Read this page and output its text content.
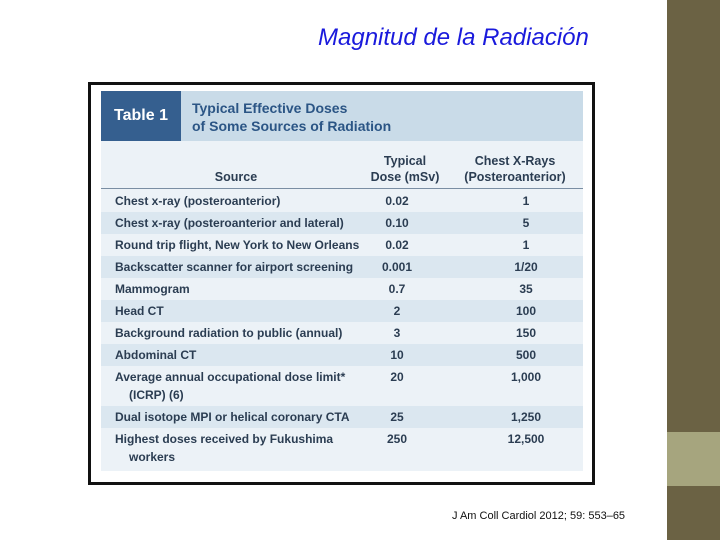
Magnitud de la Radiación
Table 1	Typical Effective Doses
of Some Sources of Radiation
Source
Typical
Dose (mSv)
Chest X-Rays
(Posteroanterior)
Chest x-ray (posteroanterior)	0.02	1
Chest x-ray (posteroanterior and lateral)	0.10	5
Round trip flight, New York to New Orleans	0.02	1
Backscatter scanner for airport screening	0.001	1/20
Mammogram	0.7	35
Head CT	2	100
Background radiation to public (annual)	3	150
Abdominal CT	10	500
Average annual occupational dose limit*
(ICRP) (6)
20	1,000
Dual isotope MPI or helical coronary CTA	25	1,250
Highest doses received by Fukushima
workers
250	12,500
J Am Coll Cardiol 2012; 59: 553–65
